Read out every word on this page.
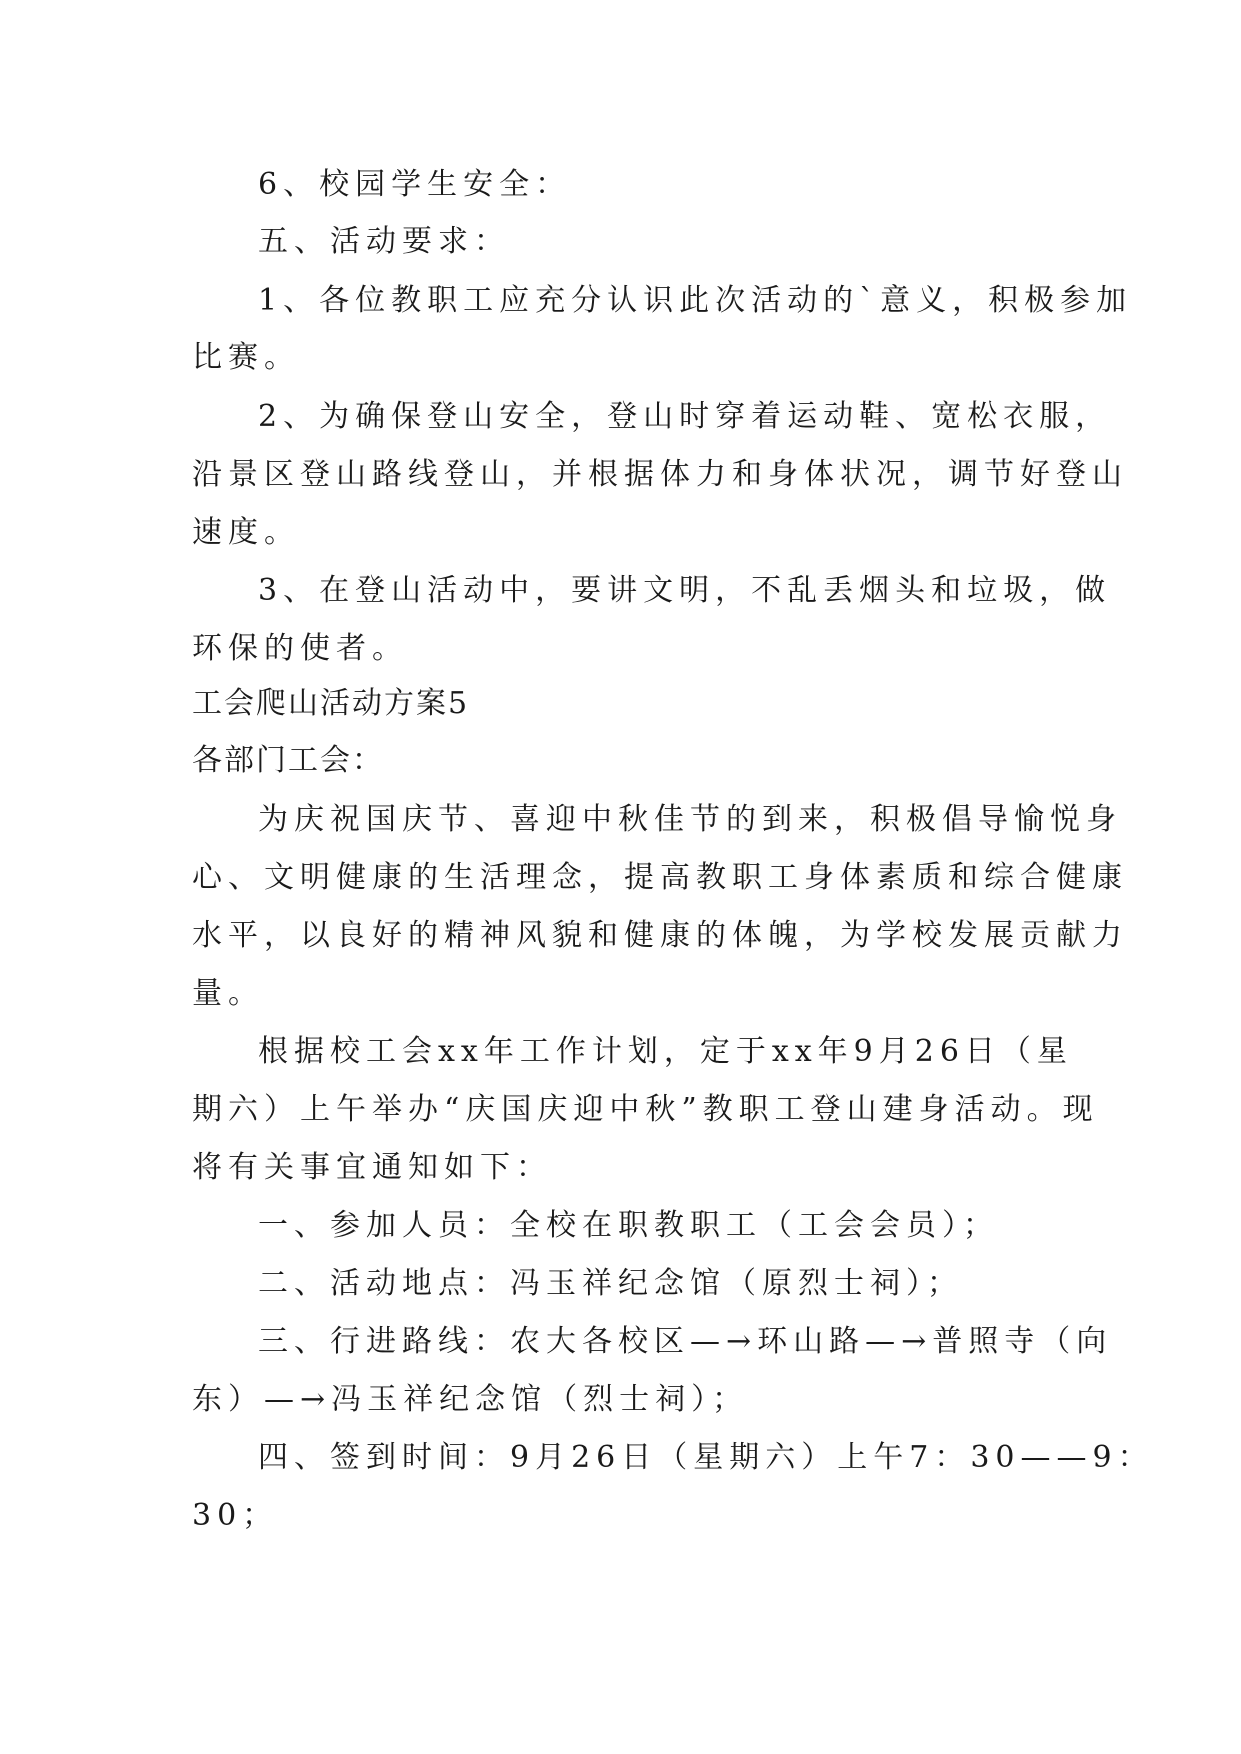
6、校园学生安全：
五、活动要求：
1、各位教职工应充分认识此次活动的`意义，积极参加
比赛。
2、为确保登山安全，登山时穿着运动鞋、宽松衣服，
沿景区登山路线登山，并根据体力和身体状况，调节好登山
速度。
3、在登山活动中，要讲文明，不乱丢烟头和垃圾，做
环保的使者。
工会爬山活动方案5
各部门工会：
为庆祝国庆节、喜迎中秋佳节的到来，积极倡导愉悦身
心、文明健康的生活理念，提高教职工身体素质和综合健康
水平，以良好的精神风貌和健康的体魄，为学校发展贡献力
量。
根据校工会xx年工作计划，定于xx年9月26日（星
期六）上午举办“庆国庆迎中秋”教职工登山建身活动。现
将有关事宜通知如下：
一、参加人员：全校在职教职工（工会会员）；
二、活动地点：冯玉祥纪念馆（原烈士祠）；
三、行进路线：农大各校区—→环山路—→普照寺（向
东）—→冯玉祥纪念馆（烈士祠）；
四、签到时间：9月26日（星期六）上午7：30——9：
30；
